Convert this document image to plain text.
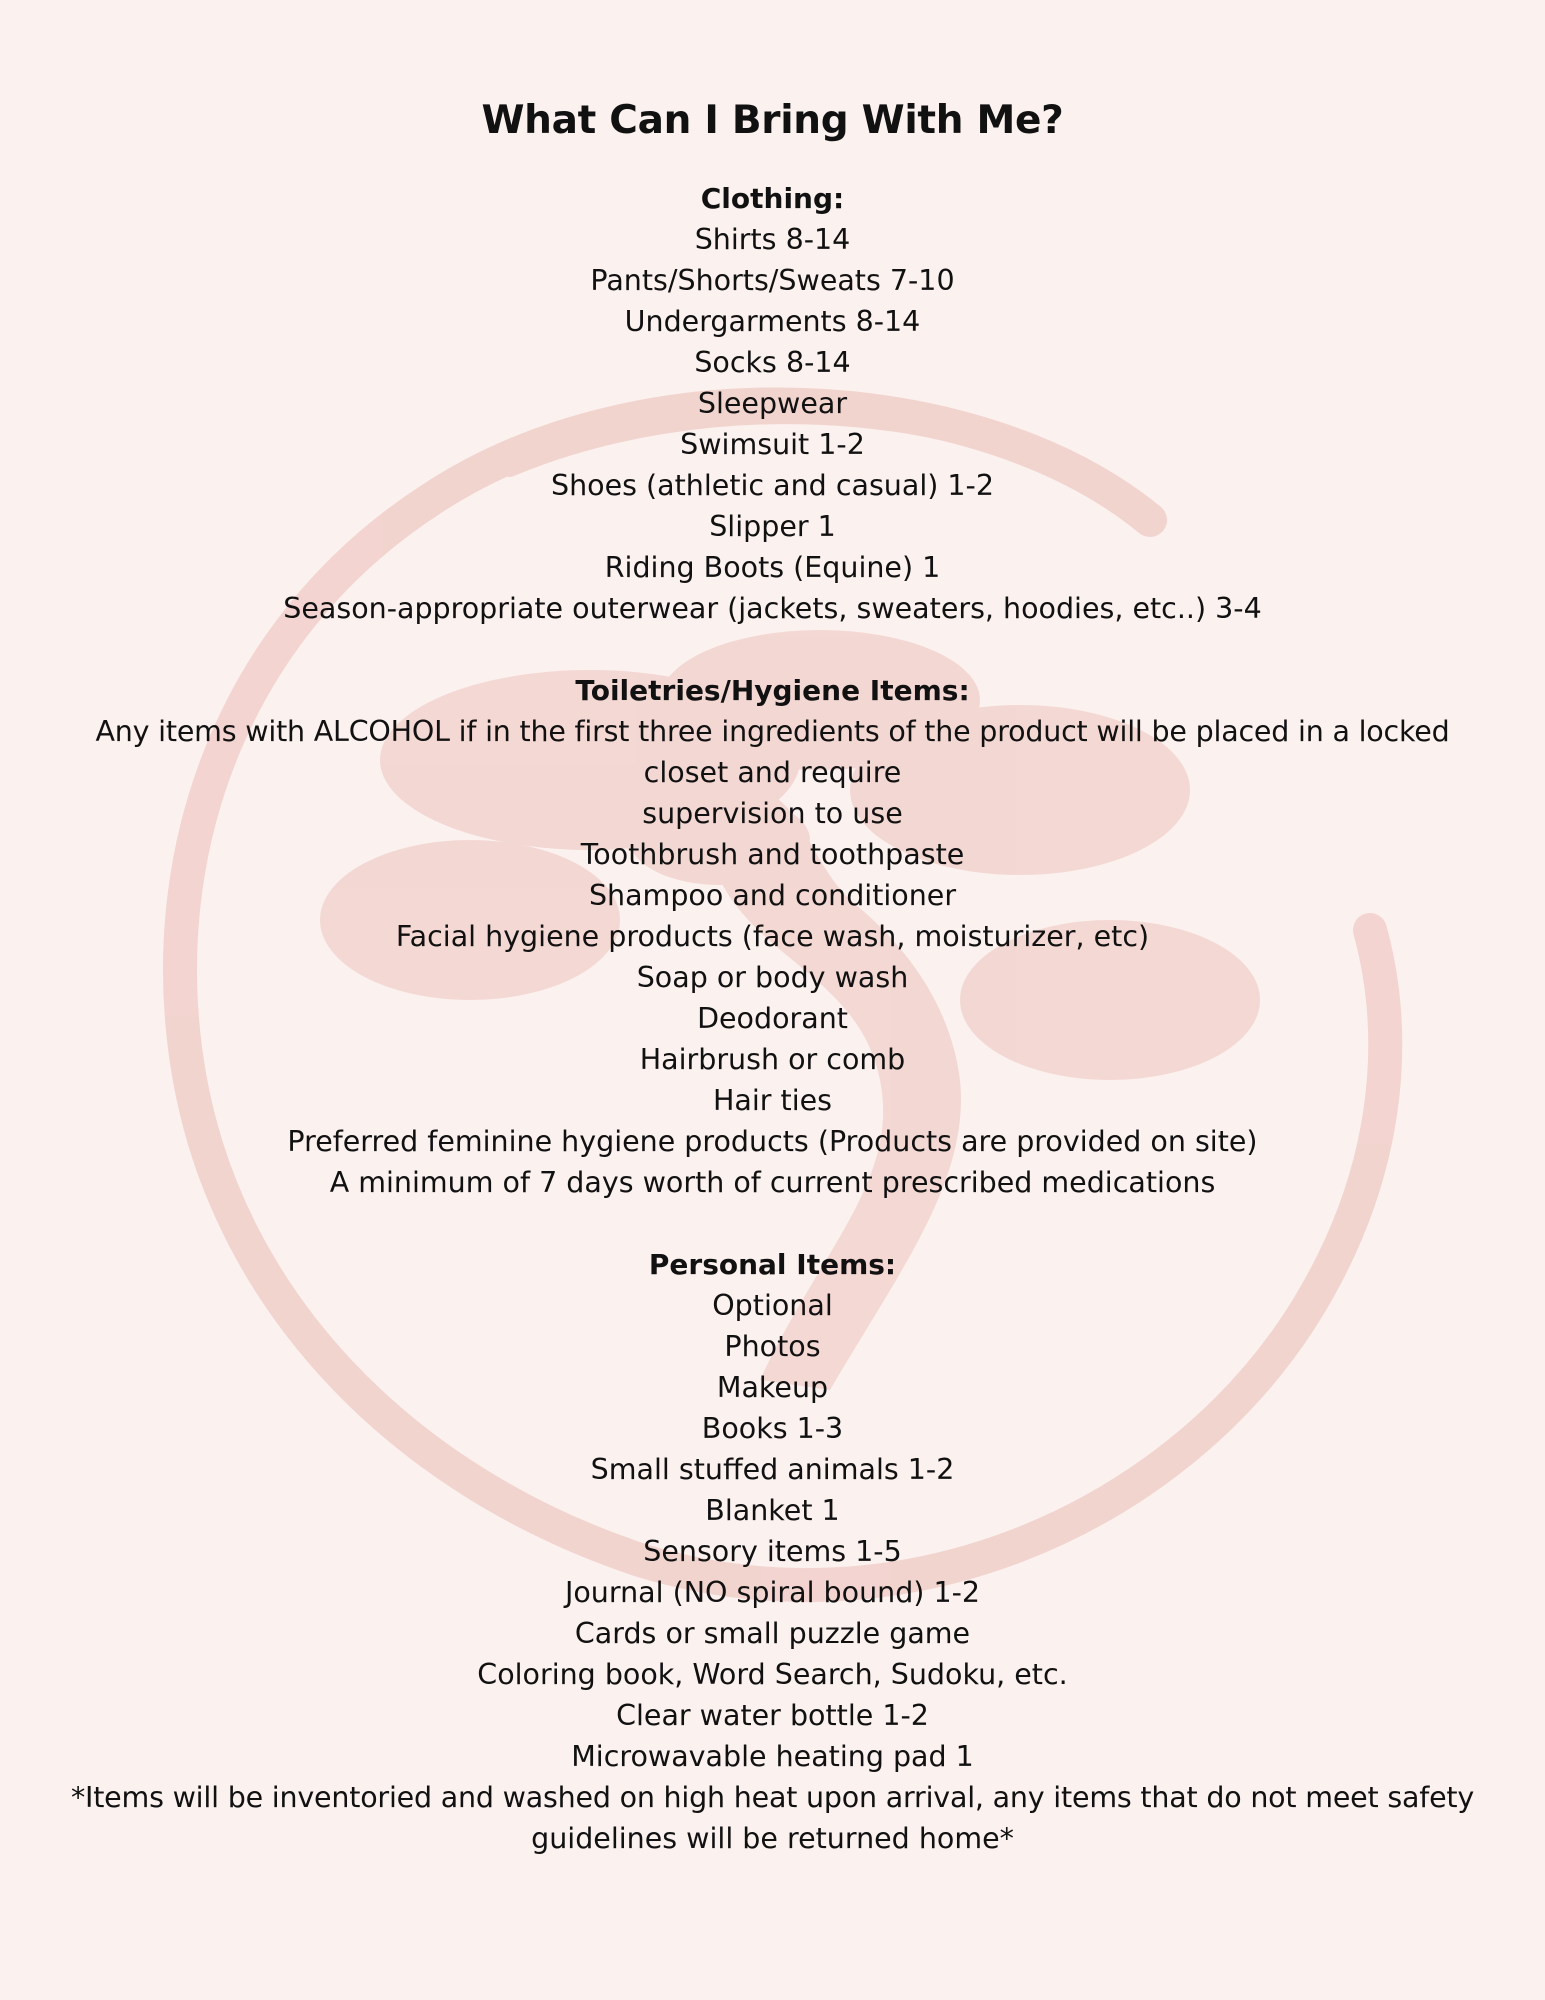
What Can I Bring With Me?
Clothing:
Shirts 8-14
Pants/Shorts/Sweats 7-10
Undergarments 8-14
Socks 8-14
Sleepwear
Swimsuit 1-2
Shoes (athletic and casual) 1-2
Slipper 1
Riding Boots (Equine) 1
Season-appropriate outerwear (jackets, sweaters, hoodies, etc..) 3-4
Toiletries/Hygiene Items:
Any items with ALCOHOL if in the first three ingredients of the product will be placed in a locked
closet and require
supervision to use
Toothbrush and toothpaste
Shampoo and conditioner
Facial hygiene products (face wash, moisturizer, etc)
Soap or body wash
Deodorant
Hairbrush or comb
Hair ties
Preferred feminine hygiene products (Products are provided on site)
A minimum of 7 days worth of current prescribed medications
Personal Items:
Optional
Photos
Makeup
Books 1-3
Small stuffed animals 1-2
Blanket 1
Sensory items 1-5
Journal (NO spiral bound) 1-2
Cards or small puzzle game
Coloring book, Word Search, Sudoku, etc.
Clear water bottle 1-2
Microwavable heating pad 1
*Items will be inventoried and washed on high heat upon arrival, any items that do not meet safety
guidelines will be returned home*
